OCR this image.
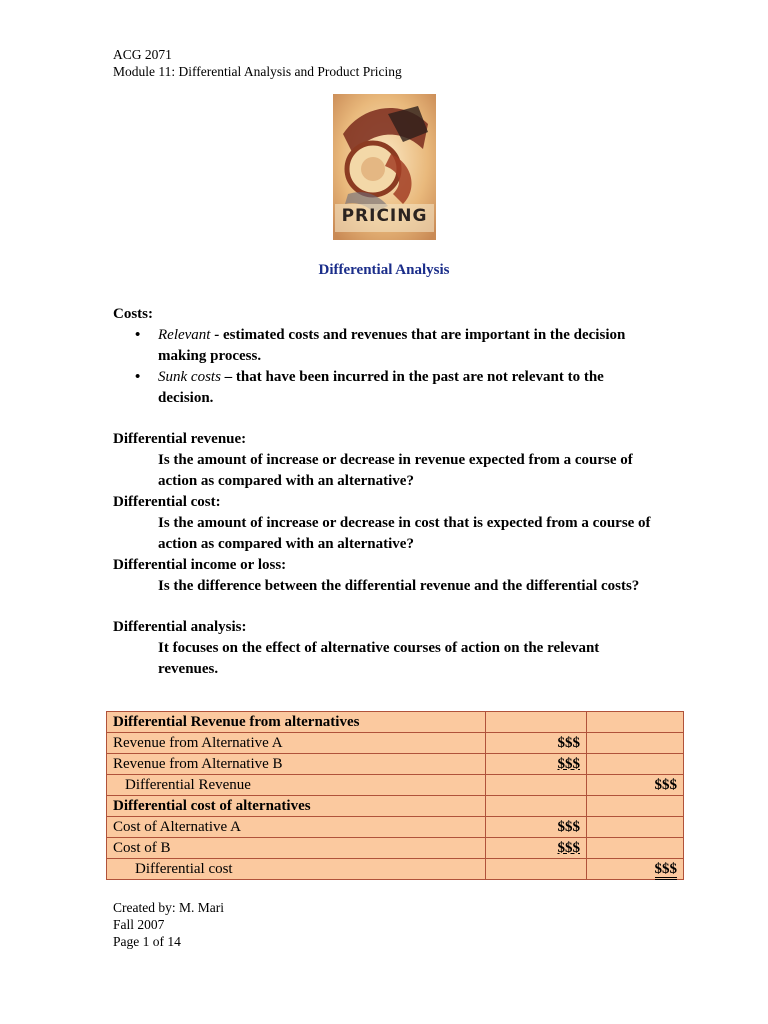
ACG 2071
Module 11: Differential Analysis and Product Pricing
PRICING
Differential Analysis
Costs:
• Relevant - estimated costs and revenues that are important in the decision making process.
• Sunk costs – that have been incurred in the past are not relevant to the decision.
Differential revenue:
Is the amount of increase or decrease in revenue expected from a course of action as compared with an alternative?
Differential cost:
Is the amount of increase or decrease in cost that is expected from a course of action as compared with an alternative?
Differential income or loss:
Is the difference between the differential revenue and the differential costs?
Differential analysis:
It focuses on the effect of alternative courses of action on the relevant revenues.
Differential Revenue from alternatives		
Revenue from Alternative A	$$$	
Revenue from Alternative B	$$$	
Differential Revenue		$$$
Differential cost of alternatives		
Cost of Alternative A	$$$	
Cost of B	$$$	
Differential cost		$$$
Created by: M. Mari
Fall 2007
Page 1 of 14
